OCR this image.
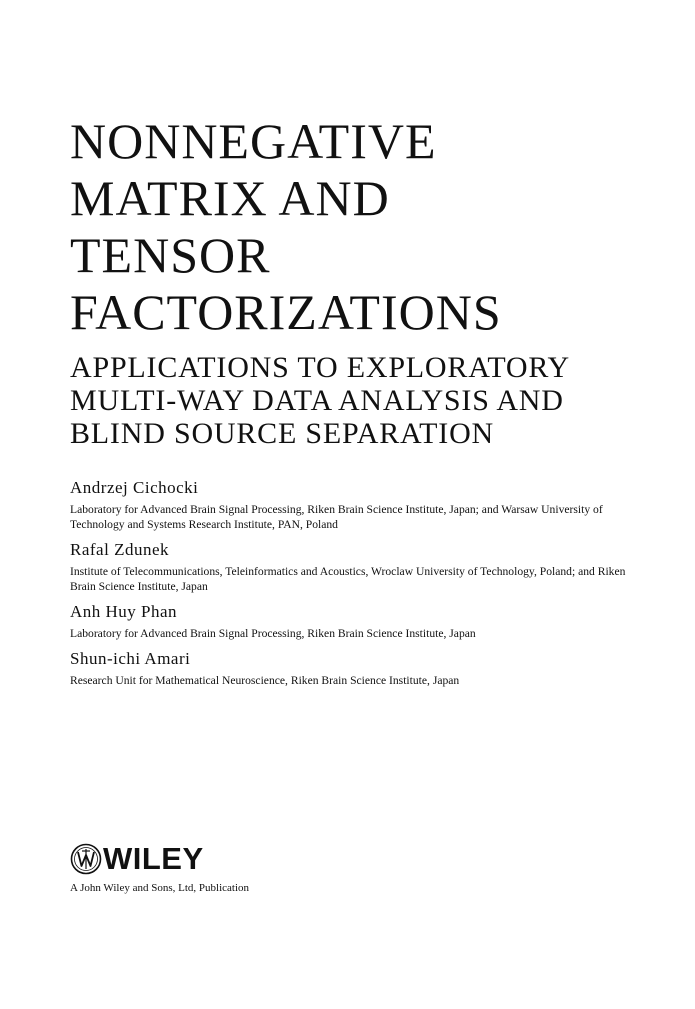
NONNEGATIVE
MATRIX AND
TENSOR
FACTORIZATIONS
APPLICATIONS TO EXPLORATORY
MULTI-WAY DATA ANALYSIS AND
BLIND SOURCE SEPARATION
Andrzej Cichocki
Laboratory for Advanced Brain Signal Processing, Riken Brain Science Institute, Japan; and Warsaw University of Technology and Systems Research Institute, PAN, Poland
Rafal Zdunek
Institute of Telecommunications, Teleinformatics and Acoustics, Wroclaw University of Technology, Poland; and Riken Brain Science Institute, Japan
Anh Huy Phan
Laboratory for Advanced Brain Signal Processing, Riken Brain Science Institute, Japan
Shun-ichi Amari
Research Unit for Mathematical Neuroscience, Riken Brain Science Institute, Japan
WILEY
A John Wiley and Sons, Ltd, Publication
